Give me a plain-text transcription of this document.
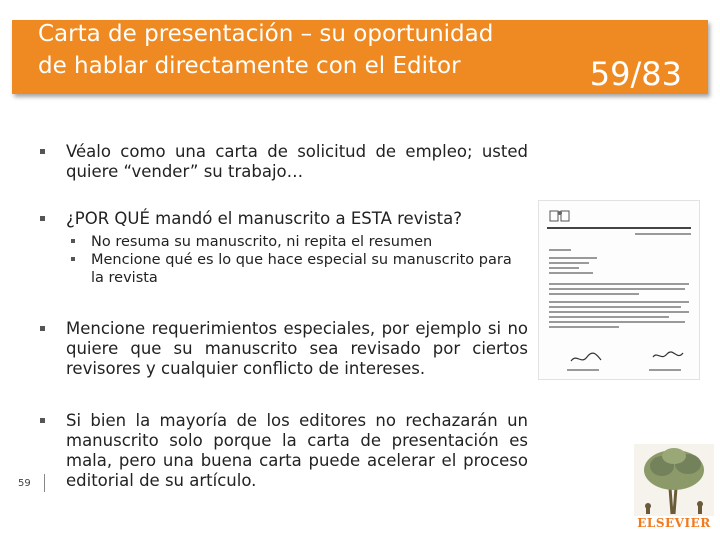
59/83
Carta de presentación – su oportunidad
de hablar directamente con el Editor
Véalo como una carta de solicitud de empleo; usted quiere “vender” su trabajo…
¿POR QUÉ mandó el manuscrito a ESTA revista?
No resuma su manuscrito, ni repita el resumen
Mencione qué es lo que hace especial su manuscrito para la revista
Mencione requerimientos especiales, por ejemplo si no quiere que su manuscrito sea revisado por ciertos revisores y cualquier conflicto de intereses.
Si bien la mayoría de los editores no rechazarán un manuscrito solo porque la carta de presentación es mala, pero una buena carta puede acelerar el proceso editorial de su artículo.
59
ELSEVIER
